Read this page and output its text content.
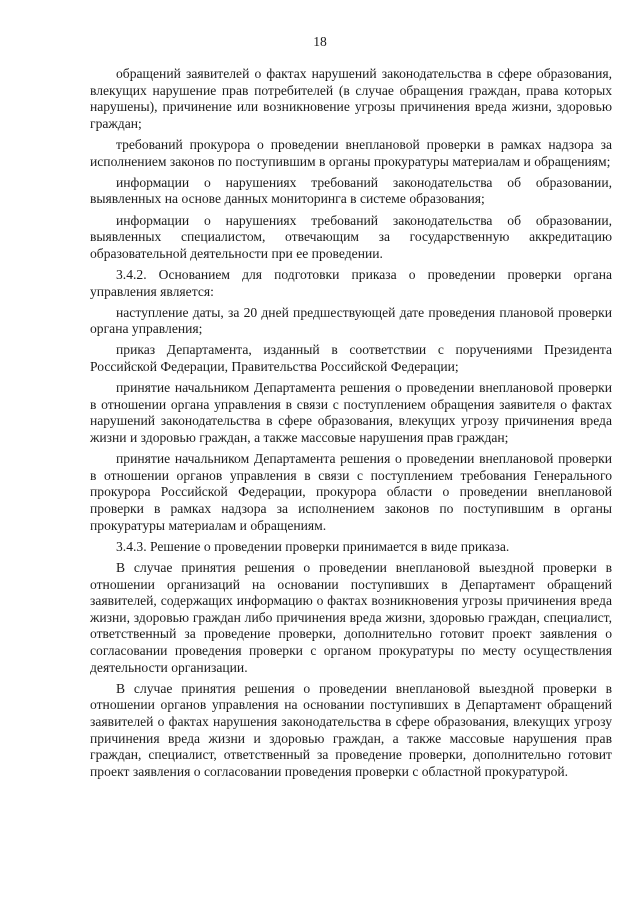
18

обращений заявителей о фактах нарушений законодательства в сфере образования, влекущих нарушение прав потребителей (в случае обращения граждан, права которых нарушены), причинение или возникновение угрозы причинения вреда жизни, здоровью граждан;

требований прокурора о проведении внеплановой проверки в рамках надзора за исполнением законов по поступившим в органы прокуратуры материалам и обращениям;

информации о нарушениях требований законодательства об образовании, выявленных на основе данных мониторинга в системе образования;

информации о нарушениях требований законодательства об образовании, выявленных специалистом, отвечающим за государственную аккредитацию образовательной деятельности при ее проведении.

3.4.2. Основанием для подготовки приказа о проведении проверки органа управления является:

наступление даты, за 20 дней предшествующей дате проведения плановой проверки органа управления;

приказ Департамента, изданный в соответствии с поручениями Президента Российской Федерации, Правительства Российской Федерации;

принятие начальником Департамента решения о проведении внеплановой проверки в отношении органа управления в связи с поступлением обращения заявителя о фактах нарушений законодательства в сфере образования, влекущих угрозу причинения вреда жизни и здоровью граждан, а также массовые нарушения прав граждан;

принятие начальником Департамента решения о проведении внеплановой проверки в отношении органов управления в связи с поступлением требования Генерального прокурора Российской Федерации, прокурора области о проведении внеплановой проверки в рамках надзора за исполнением законов по поступившим в органы прокуратуры материалам и обращениям.

3.4.3. Решение о проведении проверки принимается в виде приказа.

В случае принятия решения о проведении внеплановой выездной проверки в отношении организаций на основании поступивших в Департамент обращений заявителей, содержащих информацию о фактах возникновения угрозы причинения вреда жизни, здоровью граждан либо причинения вреда жизни, здоровью граждан, специалист, ответственный за проведение проверки, дополнительно готовит проект заявления о согласовании проведения проверки с органом прокуратуры по месту осуществления деятельности организации.

В случае принятия решения о проведении внеплановой выездной проверки в отношении органов управления на основании поступивших в Департамент обращений заявителей о фактах нарушения законодательства в сфере образования, влекущих угрозу причинения вреда жизни и здоровью граждан, а также массовые нарушения прав граждан, специалист, ответственный за проведение проверки, дополнительно готовит проект заявления о согласовании проведения проверки с областной прокуратурой.
